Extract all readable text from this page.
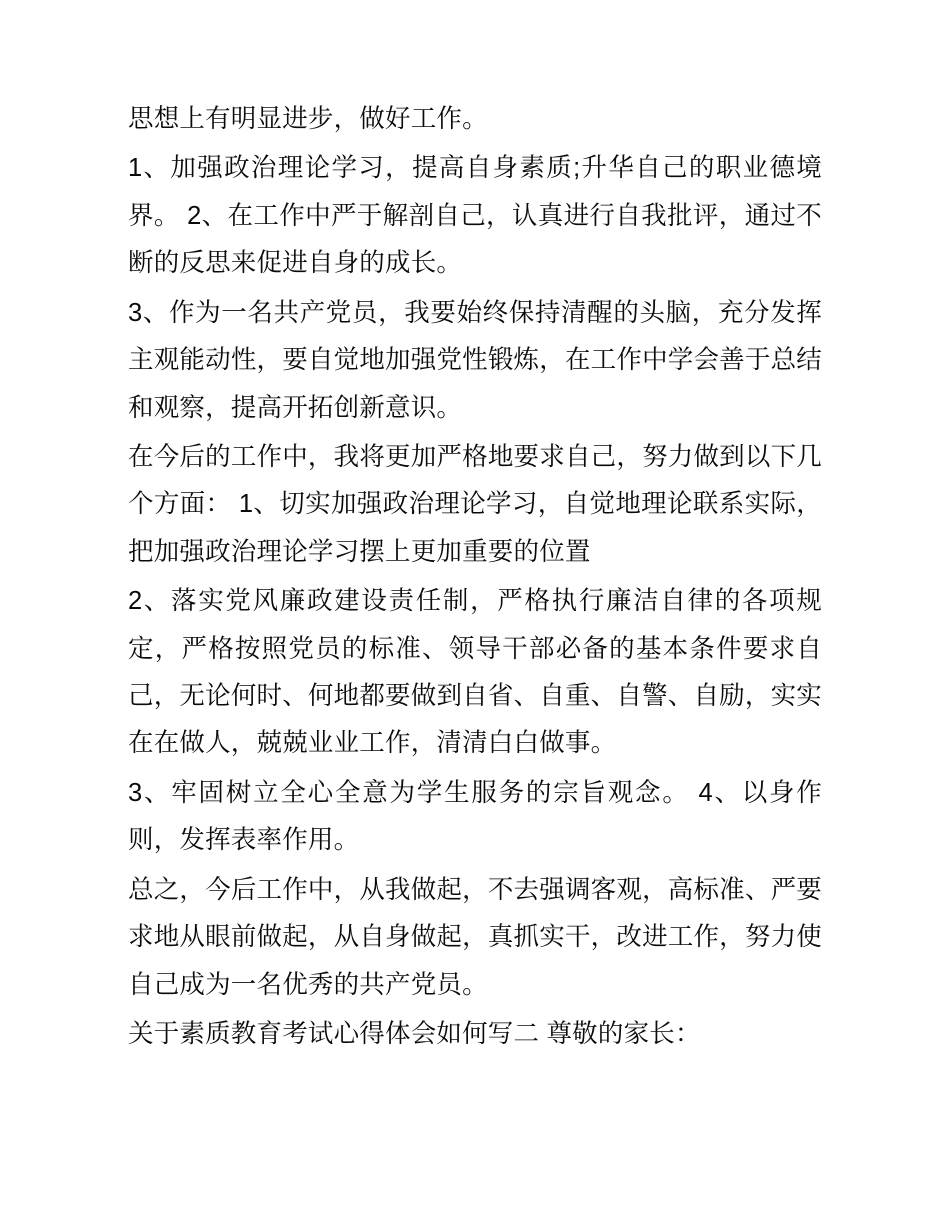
思想上有明显进步，做好工作。

1、加强政治理论学习，提高自身素质;升华自己的职业德境界。 2、在工作中严于解剖自己，认真进行自我批评，通过不断的反思来促进自身的成长。

3、作为一名共产党员，我要始终保持清醒的头脑，充分发挥主观能动性，要自觉地加强党性锻炼，在工作中学会善于总结和观察，提高开拓创新意识。

在今后的工作中，我将更加严格地要求自己，努力做到以下几个方面： 1、切实加强政治理论学习，自觉地理论联系实际，把加强政治理论学习摆上更加重要的位置

2、落实党风廉政建设责任制，严格执行廉洁自律的各项规定，严格按照党员的标准、领导干部必备的基本条件要求自己，无论何时、何地都要做到自省、自重、自警、自励，实实在在做人，兢兢业业工作，清清白白做事。

3、牢固树立全心全意为学生服务的宗旨观念。 4、以身作则，发挥表率作用。

总之，今后工作中，从我做起，不去强调客观，高标准、严要求地从眼前做起，从自身做起，真抓实干，改进工作，努力使自己成为一名优秀的共产党员。

关于素质教育考试心得体会如何写二 尊敬的家长：
